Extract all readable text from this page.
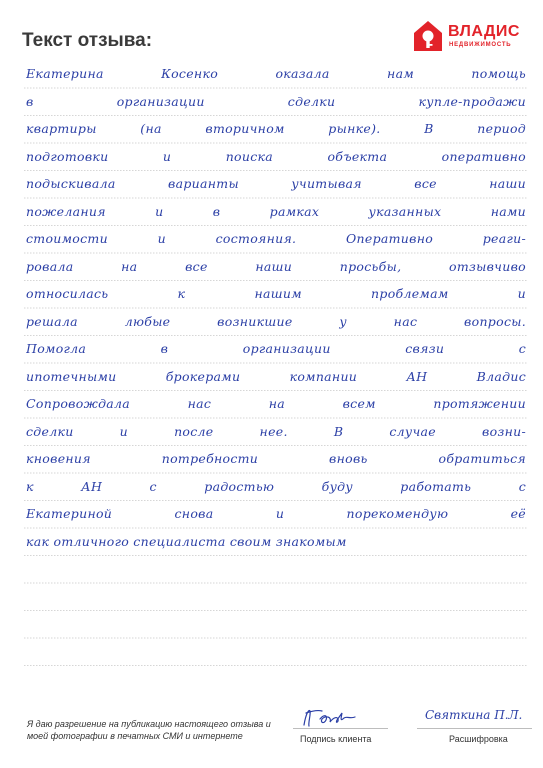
Текст отзыва:	ВЛАДИС
НЕДВИЖИМОСТЬ
Екатерина Косенко оказала нам помощь
в организации сделки купле-продажи
квартиры (на вторичном рынке). В период
подготовки и поиска объекта оперативно
подыскивала варианты учитывая все наши
пожелания и в рамках указанных нами
стоимости и состояния. Оперативно реаги-
ровала на все наши просьбы, отзывчиво
относилась к нашим проблемам и
решала любые возникшие у нас вопросы.
Помогла в организации связи с
ипотечными брокерами компании АН Владис
Сопровождала нас на всем протяжении
сделки и после нее. В случае возни-
кновения потребности вновь обратиться
к АН с радостью буду работать с
Екатериной снова и порекомендую её
как отличного специалиста своим знакомым
Я даю разрешение на публикацию настоящего отзыва и моей фотографии в печатных СМИ и интернете
Святкина П.Л.
Подпись клиента	Расшифровка
